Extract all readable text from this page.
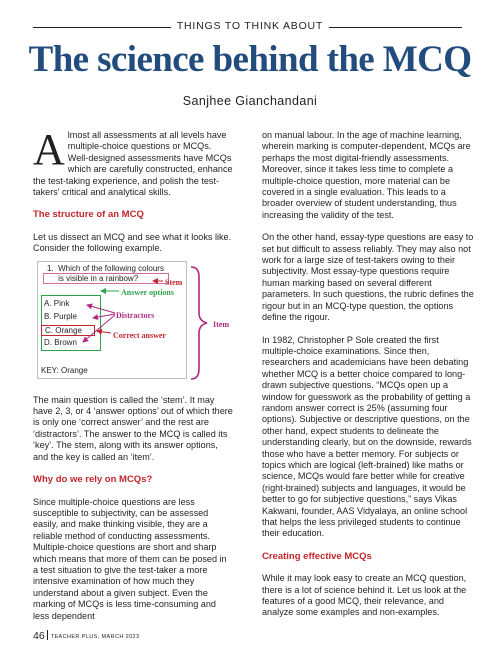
THINGS TO THINK ABOUT
The science behind the MCQ
Sanjhee Gianchandani

Almost all assessments at all levels have multiple-choice questions or MCQs. Well-designed assessments have MCQs which are carefully constructed, enhance the test-taking experience, and polish the test-takers' critical and analytical skills.

The structure of an MCQ

Let us dissect an MCQ and see what it looks like. Consider the following example.

1.  Which of the following colours
is visible in a rainbow?
A. Pink
B. Purple
C. Orange
D. Brown
KEY: Orange
Stem
Answer options
Distractors
Correct answer
Item

The main question is called the ‘stem’. It may have 2, 3, or 4 ‘answer options’ out of which there is only one ‘correct answer’ and the rest are ‘distractors’. The answer to the MCQ is called its ‘key’. The stem, along with its answer options, and the key is called an ‘item’.

Why do we rely on MCQs?

Since multiple-choice questions are less susceptible to subjectivity, can be assessed easily, and make thinking visible, they are a reliable method of conducting assessments. Multiple-choice questions are short and sharp which means that more of them can be posed in a test situation to give the test-taker a more intensive examination of how much they understand about a given subject. Even the marking of MCQs is less time-consuming and less dependent

on manual labour. In the age of machine learning, wherein marking is computer-dependent, MCQs are perhaps the most digital-friendly assessments. Moreover, since it takes less time to complete a multiple-choice question, more material can be covered in a single evaluation. This leads to a broader overview of student understanding, thus increasing the validity of the test.

On the other hand, essay-type questions are easy to set but difficult to assess reliably. They may also not work for a large size of test-takers owing to their subjectivity. Most essay-type questions require human marking based on several different parameters. In such questions, the rubric defines the rigour but in an MCQ-type question, the options define the rigour.

In 1982, Christopher P Sole created the first multiple-choice examinations. Since then, researchers and academicians have been debating whether MCQ is a better choice compared to long-drawn subjective questions. “MCQs open up a window for guesswork as the probability of getting a random answer correct is 25% (assuming four options). Subjective or descriptive questions, on the other hand, expect students to delineate the understanding clearly, but on the downside, rewards those who have a better memory. For subjects or topics which are logical (left-brained) like maths or science, MCQs would fare better while for creative (right-brained) subjects and languages, it would be better to go for subjective questions,” says Vikas Kakwani, founder, AAS Vidyalaya, an online school that helps the less privileged students to continue their education.

Creating effective MCQs

While it may look easy to create an MCQ question, there is a lot of science behind it. Let us look at the features of a good MCQ, their relevance, and analyze some examples and non-examples.

46 TEACHER PLUS, MARCH 2023
